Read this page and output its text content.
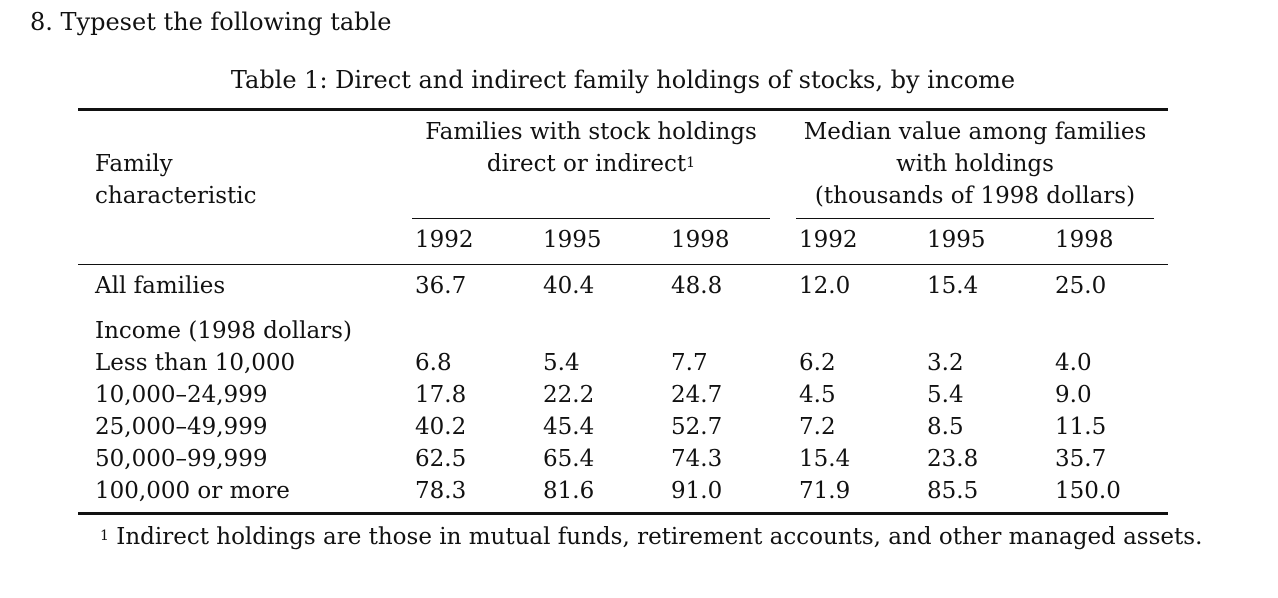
8. Typeset the following table
Table 1: Direct and indirect family holdings of stocks, by income
Family
characteristic
Families with stock holdings
direct or indirect$^1$
Median value among families
with holdings
(thousands of 1998 dollars)
1992	1995	1998	1992	1995	1998
All families	36.7	40.4	48.8	12.0	15.4	25.0
Income (1998 dollars)
Less than 10,000	6.8	5.4	7.7	6.2	3.2	4.0
10,000–24,999	17.8	22.2	24.7	4.5	5.4	9.0
25,000–49,999	40.2	45.4	52.7	7.2	8.5	11.5
50,000–99,999	62.5	65.4	74.3	15.4	23.8	35.7
100,000 or more	78.3	81.6	91.0	71.9	85.5	150.0
$^1$ Indirect holdings are those in mutual funds, retirement accounts, and other managed assets.
